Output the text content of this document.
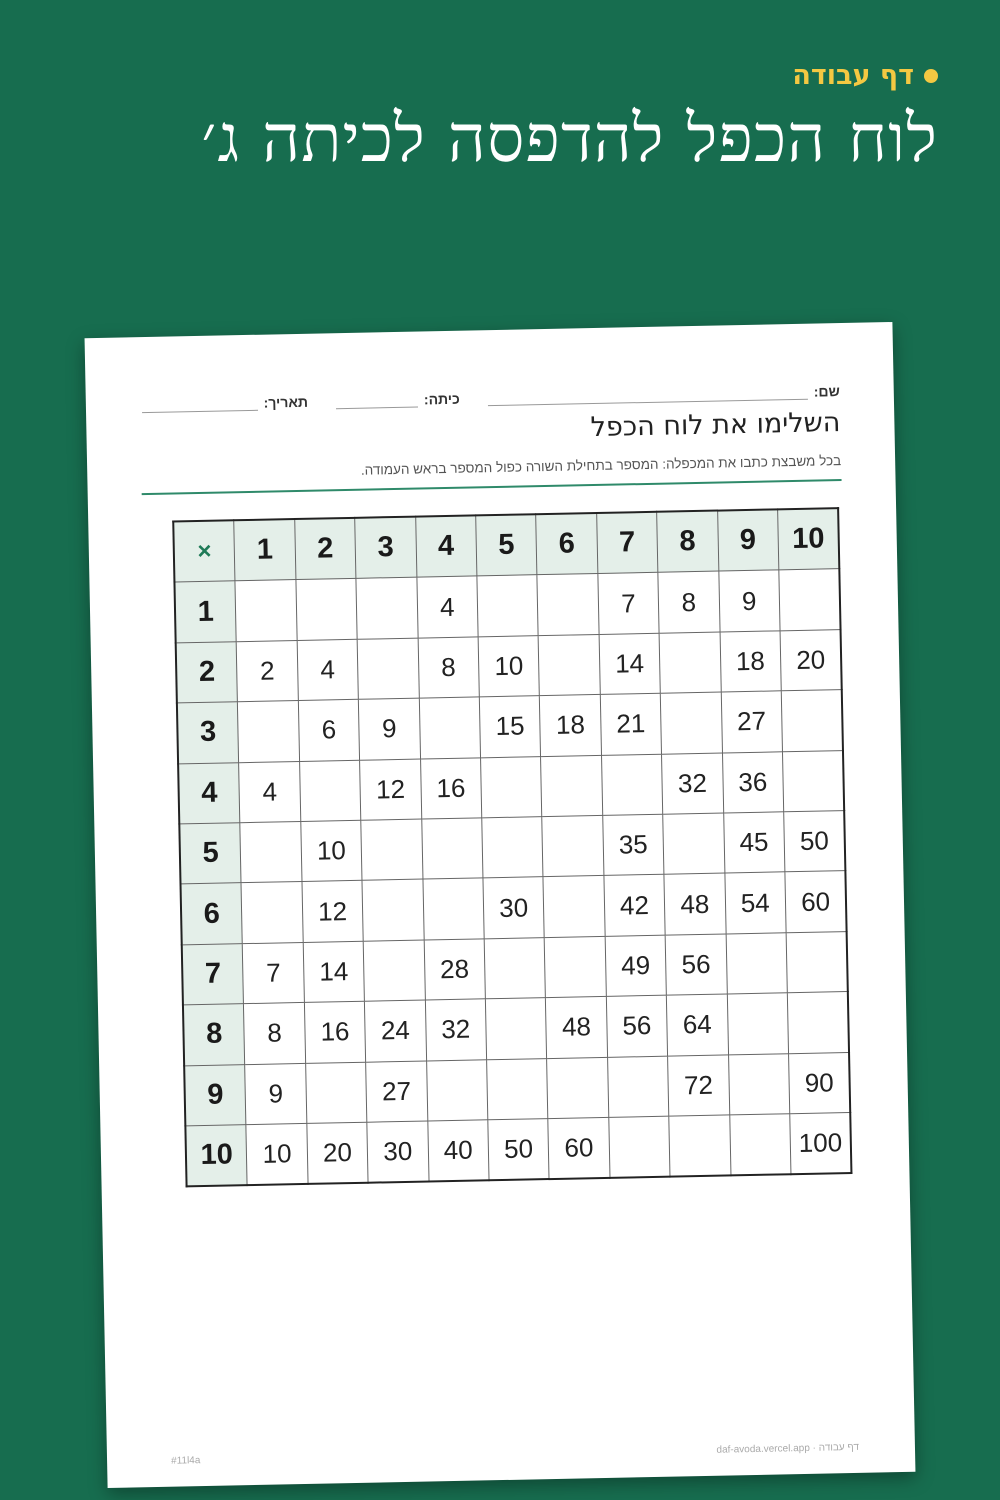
דף עבודה
לוח הכפל להדפסה לכיתה ג׳
שם:
כיתה:
תאריך:
השלימו את לוח הכפל
בכל משבצת כתבו את המכפלה: המספר בתחילת השורה כפול המספר בראש העמודה.
×	1	2	3	4	5	6	7	8	9	10
1				4			7	8	9	
2	2	4		8	10		14		18	20
3		6	9		15	18	21		27	
4	4		12	16				32	36	
5		10					35		45	50
6		12			30		42	48	54	60
7	7	14		28			49	56		
8	8	16	24	32		48	56	64		
9	9		27					72		90
10	10	20	30	40	50	60				100
#11l4a
דף עבודה · daf-avoda.vercel.app
